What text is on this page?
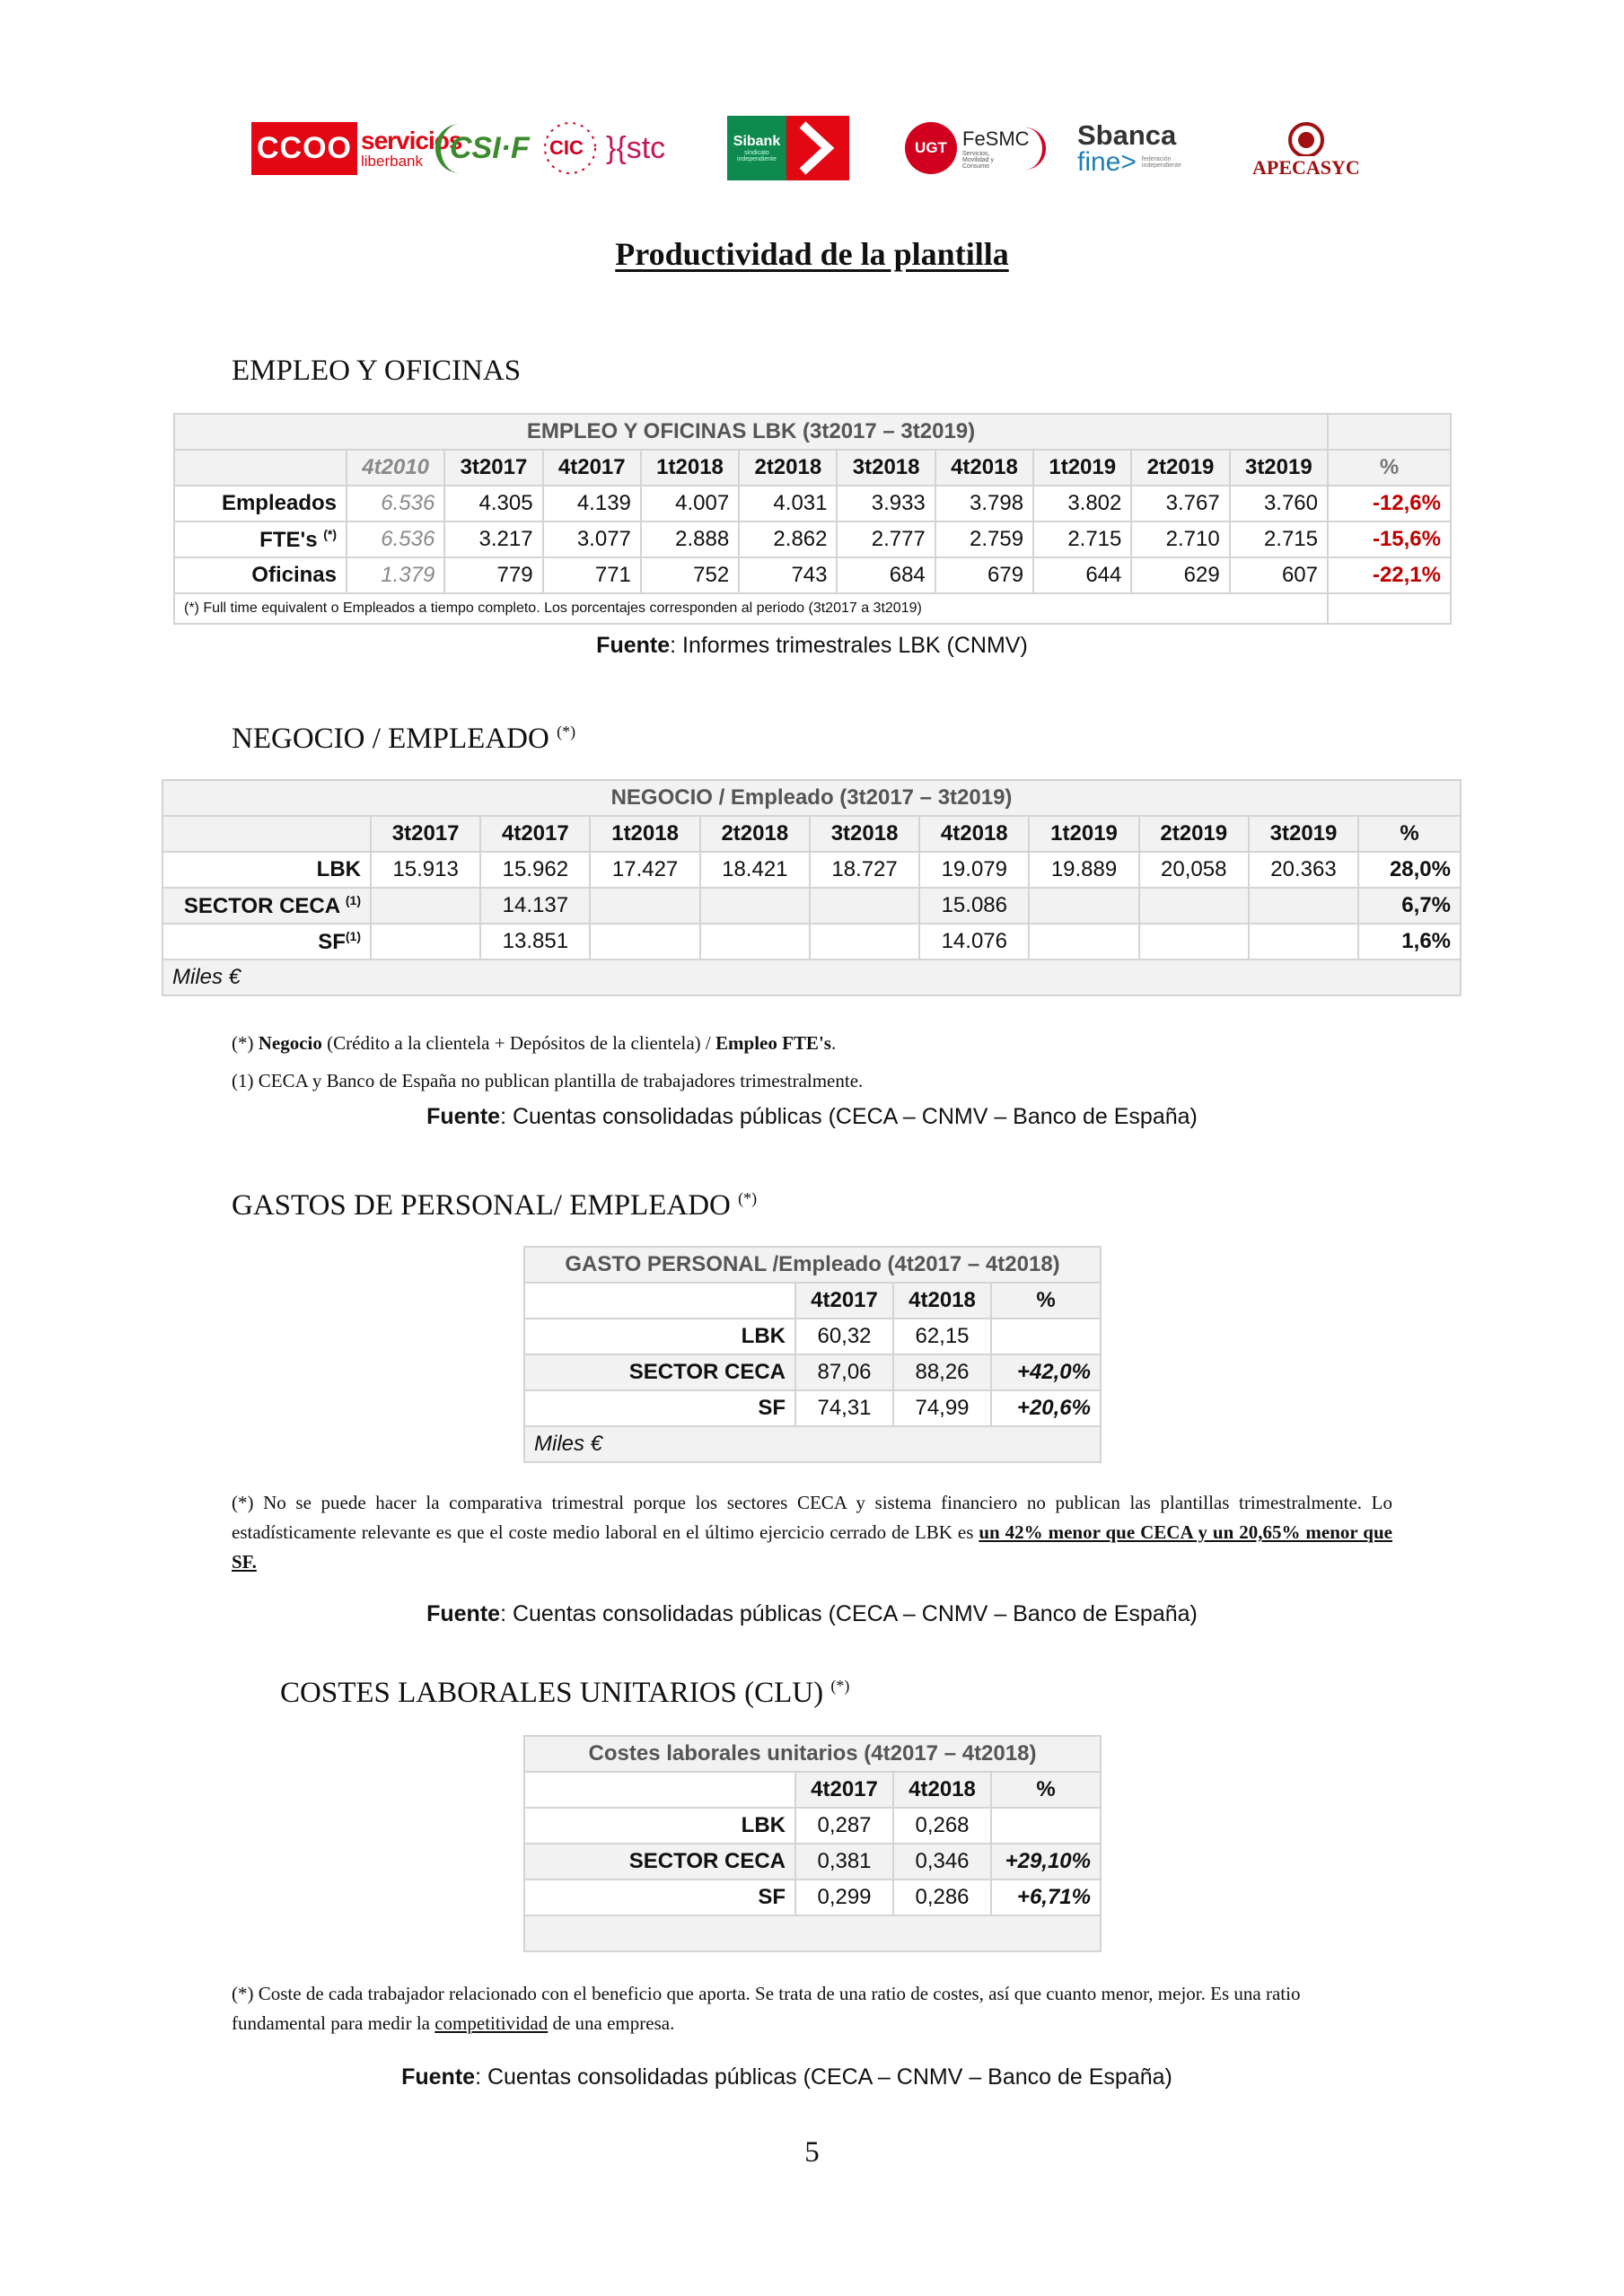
CCOO servicios
liberbank CSI·F CIC }{stc	Sibank
sindicato independiente
UGT FeSMC
Servicios, Movilidad y Consumo
Sbanca
fine> federación independiente	APECASYC
Productividad de la plantilla
EMPLEO Y OFICINAS
EMPLEO Y OFICINAS LBK (3t2017 – 3t2019)											
	4t2010	3t2017	4t2017	1t2018	2t2018	3t2018	4t2018	1t2019	2t2019	3t2019	%
Empleados	6.536	4.305	4.139	4.007	4.031	3.933	3.798	3.802	3.767	3.760	-12,6%
FTE's (*)	6.536	3.217	3.077	2.888	2.862	2.777	2.759	2.715	2.710	2.715	-15,6%
Oficinas	1.379	779	771	752	743	684	679	644	629	607	-22,1%
(*) Full time equivalent o Empleados a tiempo completo. Los porcentajes corresponden al periodo (3t2017 a 3t2019)											
Fuente: Informes trimestrales LBK (CNMV)
NEGOCIO / EMPLEADO (*)
NEGOCIO / Empleado (3t2017 – 3t2019)										
	3t2017	4t2017	1t2018	2t2018	3t2018	4t2018	1t2019	2t2019	3t2019	%
LBK	15.913	15.962	17.427	18.421	18.727	19.079	19.889	20,058	20.363	28,0%
SECTOR CECA $^{(1)}$		14.137				15.086				6,7%
SF$^{(1)}$		13.851				14.076				1,6%
Miles €										
(*) Negocio (Crédito a la clientela + Depósitos de la clientela) / Empleo FTE's.
(1) CECA y Banco de España no publican plantilla de trabajadores trimestralmente.
Fuente: Cuentas consolidadas públicas (CECA – CNMV – Banco de España)
GASTOS DE PERSONAL/ EMPLEADO (*)
GASTO PERSONAL /Empleado (4t2017 – 4t2018)			
	4t2017	4t2018	%
LBK	60,32	62,15	
SECTOR CECA	87,06	88,26	+42,0%
SF	74,31	74,99	+20,6%
Miles €			
(*) No se puede hacer la comparativa trimestral porque los sectores CECA y sistema financiero no publican las plantillas trimestralmente. Lo estadísticamente relevante es que el coste medio laboral en el último ejercicio cerrado de LBK es un 42% menor que CECA y un 20,65% menor que SF.
Fuente: Cuentas consolidadas públicas (CECA – CNMV – Banco de España)
COSTES LABORALES UNITARIOS (CLU) (*)
Costes laborales unitarios (4t2017 – 4t2018)			
	4t2017	4t2018	%
LBK	0,287	0,268	
SECTOR CECA	0,381	0,346	+29,10%
SF	0,299	0,286	+6,71%

(*) Coste de cada trabajador relacionado con el beneficio que aporta. Se trata de una ratio de costes, así que cuanto menor, mejor. Es una ratio fundamental para medir la competitividad de una empresa.
Fuente: Cuentas consolidadas públicas (CECA – CNMV – Banco de España)
5
